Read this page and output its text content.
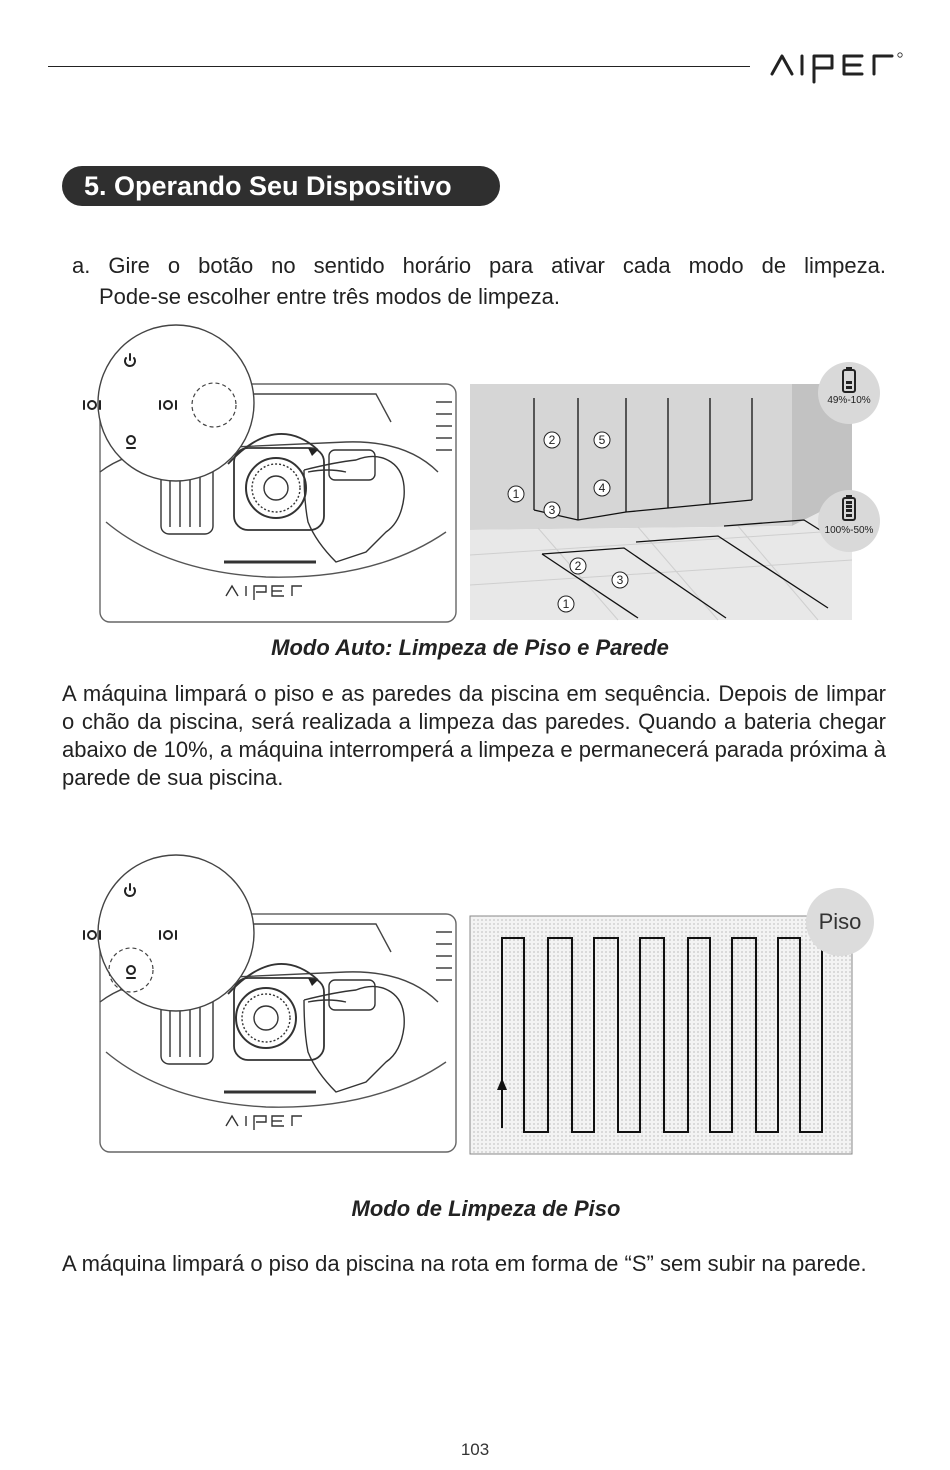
5. Operando Seu Dispositivo
a. Gire o botão no sentido horário para ativar cada modo de limpeza.
Pode-se escolher entre três modos de limpeza.
1
2
3
4
5
1
2
3
49%-10%
100%-50%
Modo Auto: Limpeza de Piso e Parede
A máquina limpará o piso e as paredes da piscina em sequência. Depois de limpar o chão da piscina, será realizada a limpeza das paredes. Quando a bateria chegar abaixo de 10%, a máquina interromperá a limpeza e permanecerá parada próxima à parede de sua piscina.
Piso
Modo de Limpeza de Piso
A máquina limpará o piso da piscina na rota em forma de “S” sem subir na parede.
103
